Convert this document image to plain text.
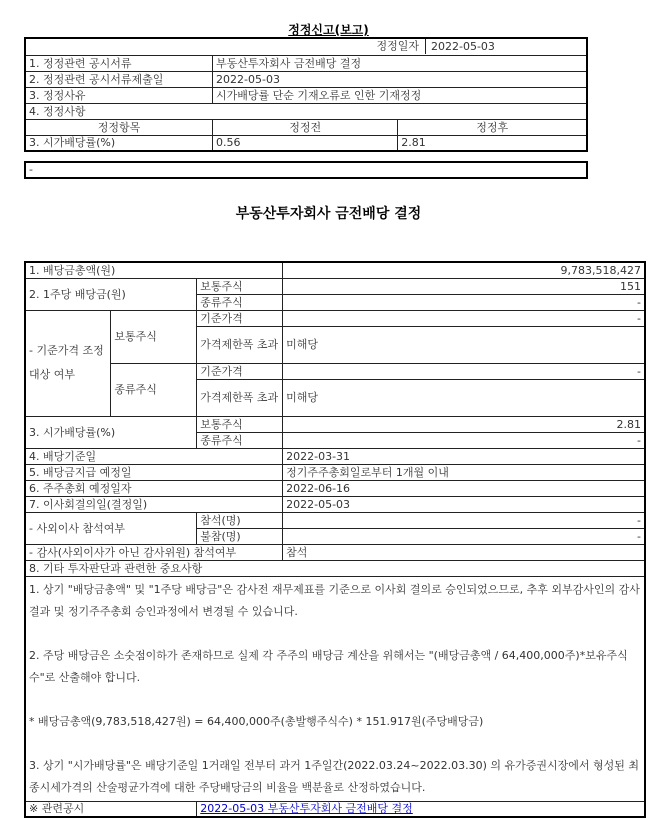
정정신고(보고)
정정일자 2022-05-03		
1. 정정관련 공시서류	부동산투자회사 금전배당 결정	
2. 정정관련 공시서류제출일	2022-05-03	
3. 정정사유	시가배당률 단순 기재오류로 인한 기재정정	
4. 정정사항		
정정항목	정정전	정정후
3. 시가배당률(%)	0.56	2.81
-
부동산투자회사 금전배당 결정
1. 배당금총액(원)			9,783,518,427
2. 1주당 배당금(원)		보통주식	151
		종류주식	-
- 기준가격 조정 대상 여부	보통주식	기준가격	-
		가격제한폭 초과	미해당
	종류주식	기준가격	-
		가격제한폭 초과	미해당
3. 시가배당률(%)		보통주식	2.81
		종류주식	-
4. 배당기준일			2022-03-31
5. 배당금지급 예정일			정기주주총회일로부터 1개월 이내
6. 주주총회 예정일자			2022-06-16
7. 이사회결의일(결정일)			2022-05-03
- 사외이사 참석여부		참석(명)	-
		불참(명)	-
- 감사(사외이사가 아닌 감사위원) 참석여부			참석
8. 기타 투자판단과 관련한 중요사항			

1. 상기 "배당금총액" 및 "1주당 배당금"은 감사전 재무제표를 기준으로 이사회 결의로 승인되었으므로, 추후 외부감사인의 감사결과 및 정기주주총회 승인과정에서 변경될 수 있습니다.
2. 주당 배당금은 소숫점이하가 존재하므로 실제 각 주주의 배당금 계산을 위해서는 "(배당금총액 / 64,400,000주)*보유주식수"로 산출해야 합니다.
* 배당금총액(9,783,518,427원) = 64,400,000주(총발행주식수) * 151.917원(주당배당금)
3. 상기 "시가배당률"은 배당기준일 1거래일 전부터 과거 1주일간(2022.03.24~2022.03.30) 의 유가증권시장에서 형성된 최종시세가격의 산술평균가격에 대한 주당배당금의 비율을 백분율로 산정하였습니다.			

※ 관련공시		2022-05-03 부동산투자회사 금전배당 결정	
